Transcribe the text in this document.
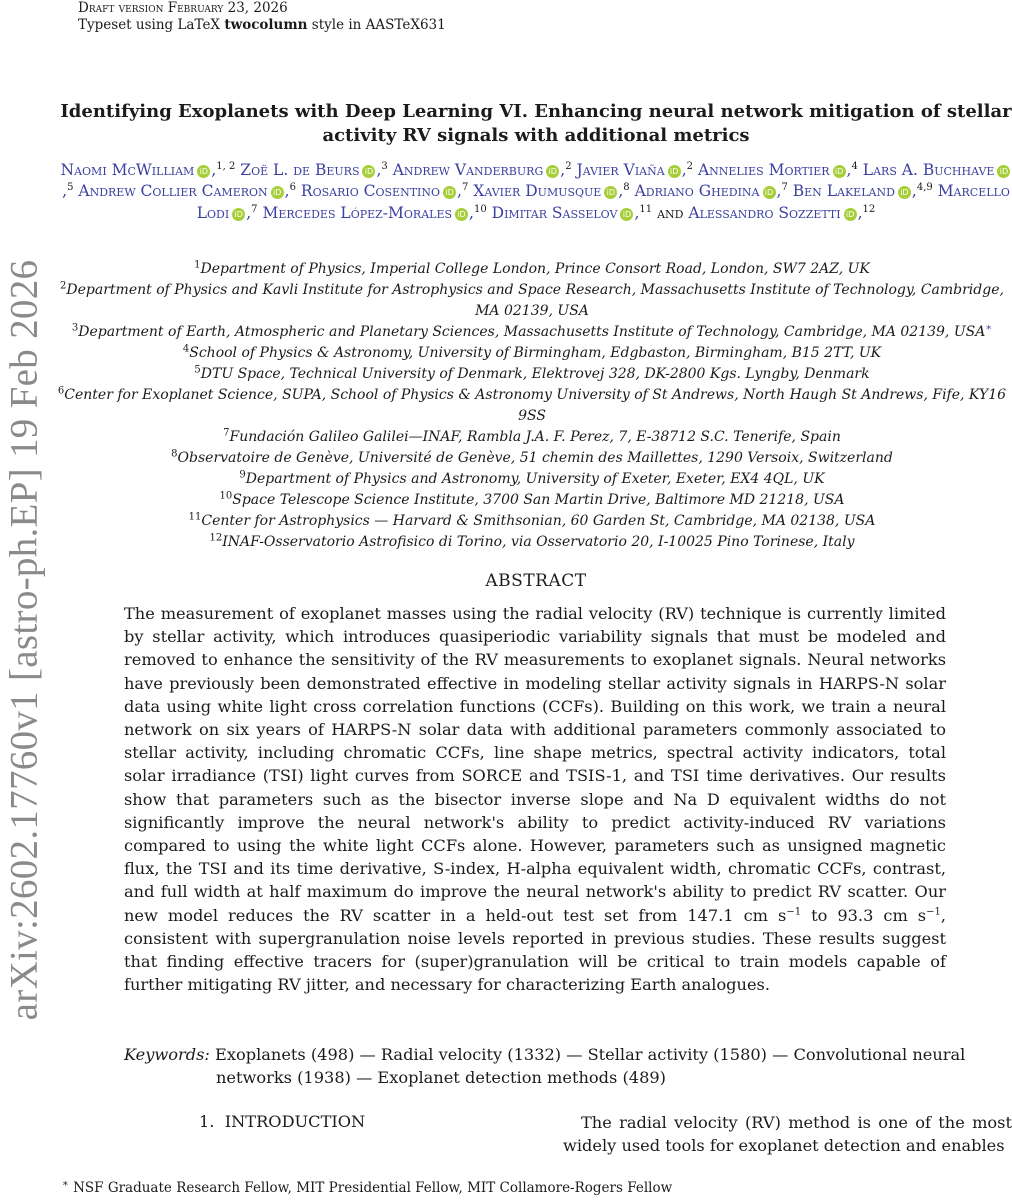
Draft version February 23, 2026
Typeset using LaTeX twocolumn style in AASTeX631
arXiv:2602.17760v1 [astro-ph.EP] 19 Feb 2026
Identifying Exoplanets with Deep Learning VI. Enhancing neural network mitigation of stellar
activity RV signals with additional metrics
Naomi McWilliam iD ,$^{1, 2}$ Zoë L. de Beurs iD ,$^3$ Andrew Vanderburg iD ,$^2$ Javier Viaña iD ,$^2$ Annelies Mortier iD ,$^4$ Lars A. Buchhave iD,$^5$ Andrew Collier Cameron iD ,$^6$ Rosario Cosentino iD ,$^7$ Xavier Dumusque iD ,$^8$ Adriano Ghedina iD ,$^7$ Ben Lakeland iD ,$^{4,9}$ Marcello Lodi iD ,$^7$ Mercedes López-Morales iD ,$^{10}$ Dimitar Sasselov iD ,$^{11}$ and Alessandro Sozzetti iD ,$^{12}$
$^1$Department of Physics, Imperial College London, Prince Consort Road, London, SW7 2AZ, UK
$^2$Department of Physics and Kavli Institute for Astrophysics and Space Research, Massachusetts Institute of Technology, Cambridge, MA 02139, USA
$^3$Department of Earth, Atmospheric and Planetary Sciences, Massachusetts Institute of Technology, Cambridge, MA 02139, USA∗
$^4$School of Physics & Astronomy, University of Birmingham, Edgbaston, Birmingham, B15 2TT, UK
$^5$DTU Space, Technical University of Denmark, Elektrovej 328, DK-2800 Kgs. Lyngby, Denmark
$^6$Center for Exoplanet Science, SUPA, School of Physics & Astronomy University of St Andrews, North Haugh St Andrews, Fife, KY16 9SS
$^7$Fundación Galileo Galilei—INAF, Rambla J.A. F. Perez, 7, E-38712 S.C. Tenerife, Spain
$^8$Observatoire de Genève, Université de Genève, 51 chemin des Maillettes, 1290 Versoix, Switzerland
$^9$Department of Physics and Astronomy, University of Exeter, Exeter, EX4 4QL, UK
$^{10}$Space Telescope Science Institute, 3700 San Martin Drive, Baltimore MD 21218, USA
$^{11}$Center for Astrophysics — Harvard & Smithsonian, 60 Garden St, Cambridge, MA 02138, USA
$^{12}$INAF-Osservatorio Astrofisico di Torino, via Osservatorio 20, I-10025 Pino Torinese, Italy
ABSTRACT
The measurement of exoplanet masses using the radial velocity (RV) technique is currently limited by stellar activity, which introduces quasiperiodic variability signals that must be modeled and removed to enhance the sensitivity of the RV measurements to exoplanet signals. Neural networks have previously been demonstrated effective in modeling stellar activity signals in HARPS-N solar data using white light cross correlation functions (CCFs). Building on this work, we train a neural network on six years of HARPS-N solar data with additional parameters commonly associated to stellar activity, including chromatic CCFs, line shape metrics, spectral activity indicators, total solar irradiance (TSI) light curves from SORCE and TSIS-1, and TSI time derivatives. Our results show that parameters such as the bisector inverse slope and Na D equivalent widths do not significantly improve the neural network's ability to predict activity-induced RV variations compared to using the white light CCFs alone. However, parameters such as unsigned magnetic flux, the TSI and its time derivative, S-index, H-alpha equivalent width, chromatic CCFs, contrast, and full width at half maximum do improve the neural network's ability to predict RV scatter. Our new model reduces the RV scatter in a held-out test set from 147.1 cm $s^{-1}$ to 93.3 cm $s^{-1}$, consistent with supergranulation noise levels reported in previous studies. These results suggest that finding effective tracers for (super)granulation will be critical to train models capable of further mitigating RV jitter, and necessary for characterizing Earth analogues.
Keywords: Exoplanets (498) — Radial velocity (1332) — Stellar activity (1580) — Convolutional neural networks (1938) — Exoplanet detection methods (489)
1. INTRODUCTION	The radial velocity (RV) method is one of the most widely used tools for exoplanet detection and enables
∗ NSF Graduate Research Fellow, MIT Presidential Fellow, MIT Collamore-Rogers Fellow
